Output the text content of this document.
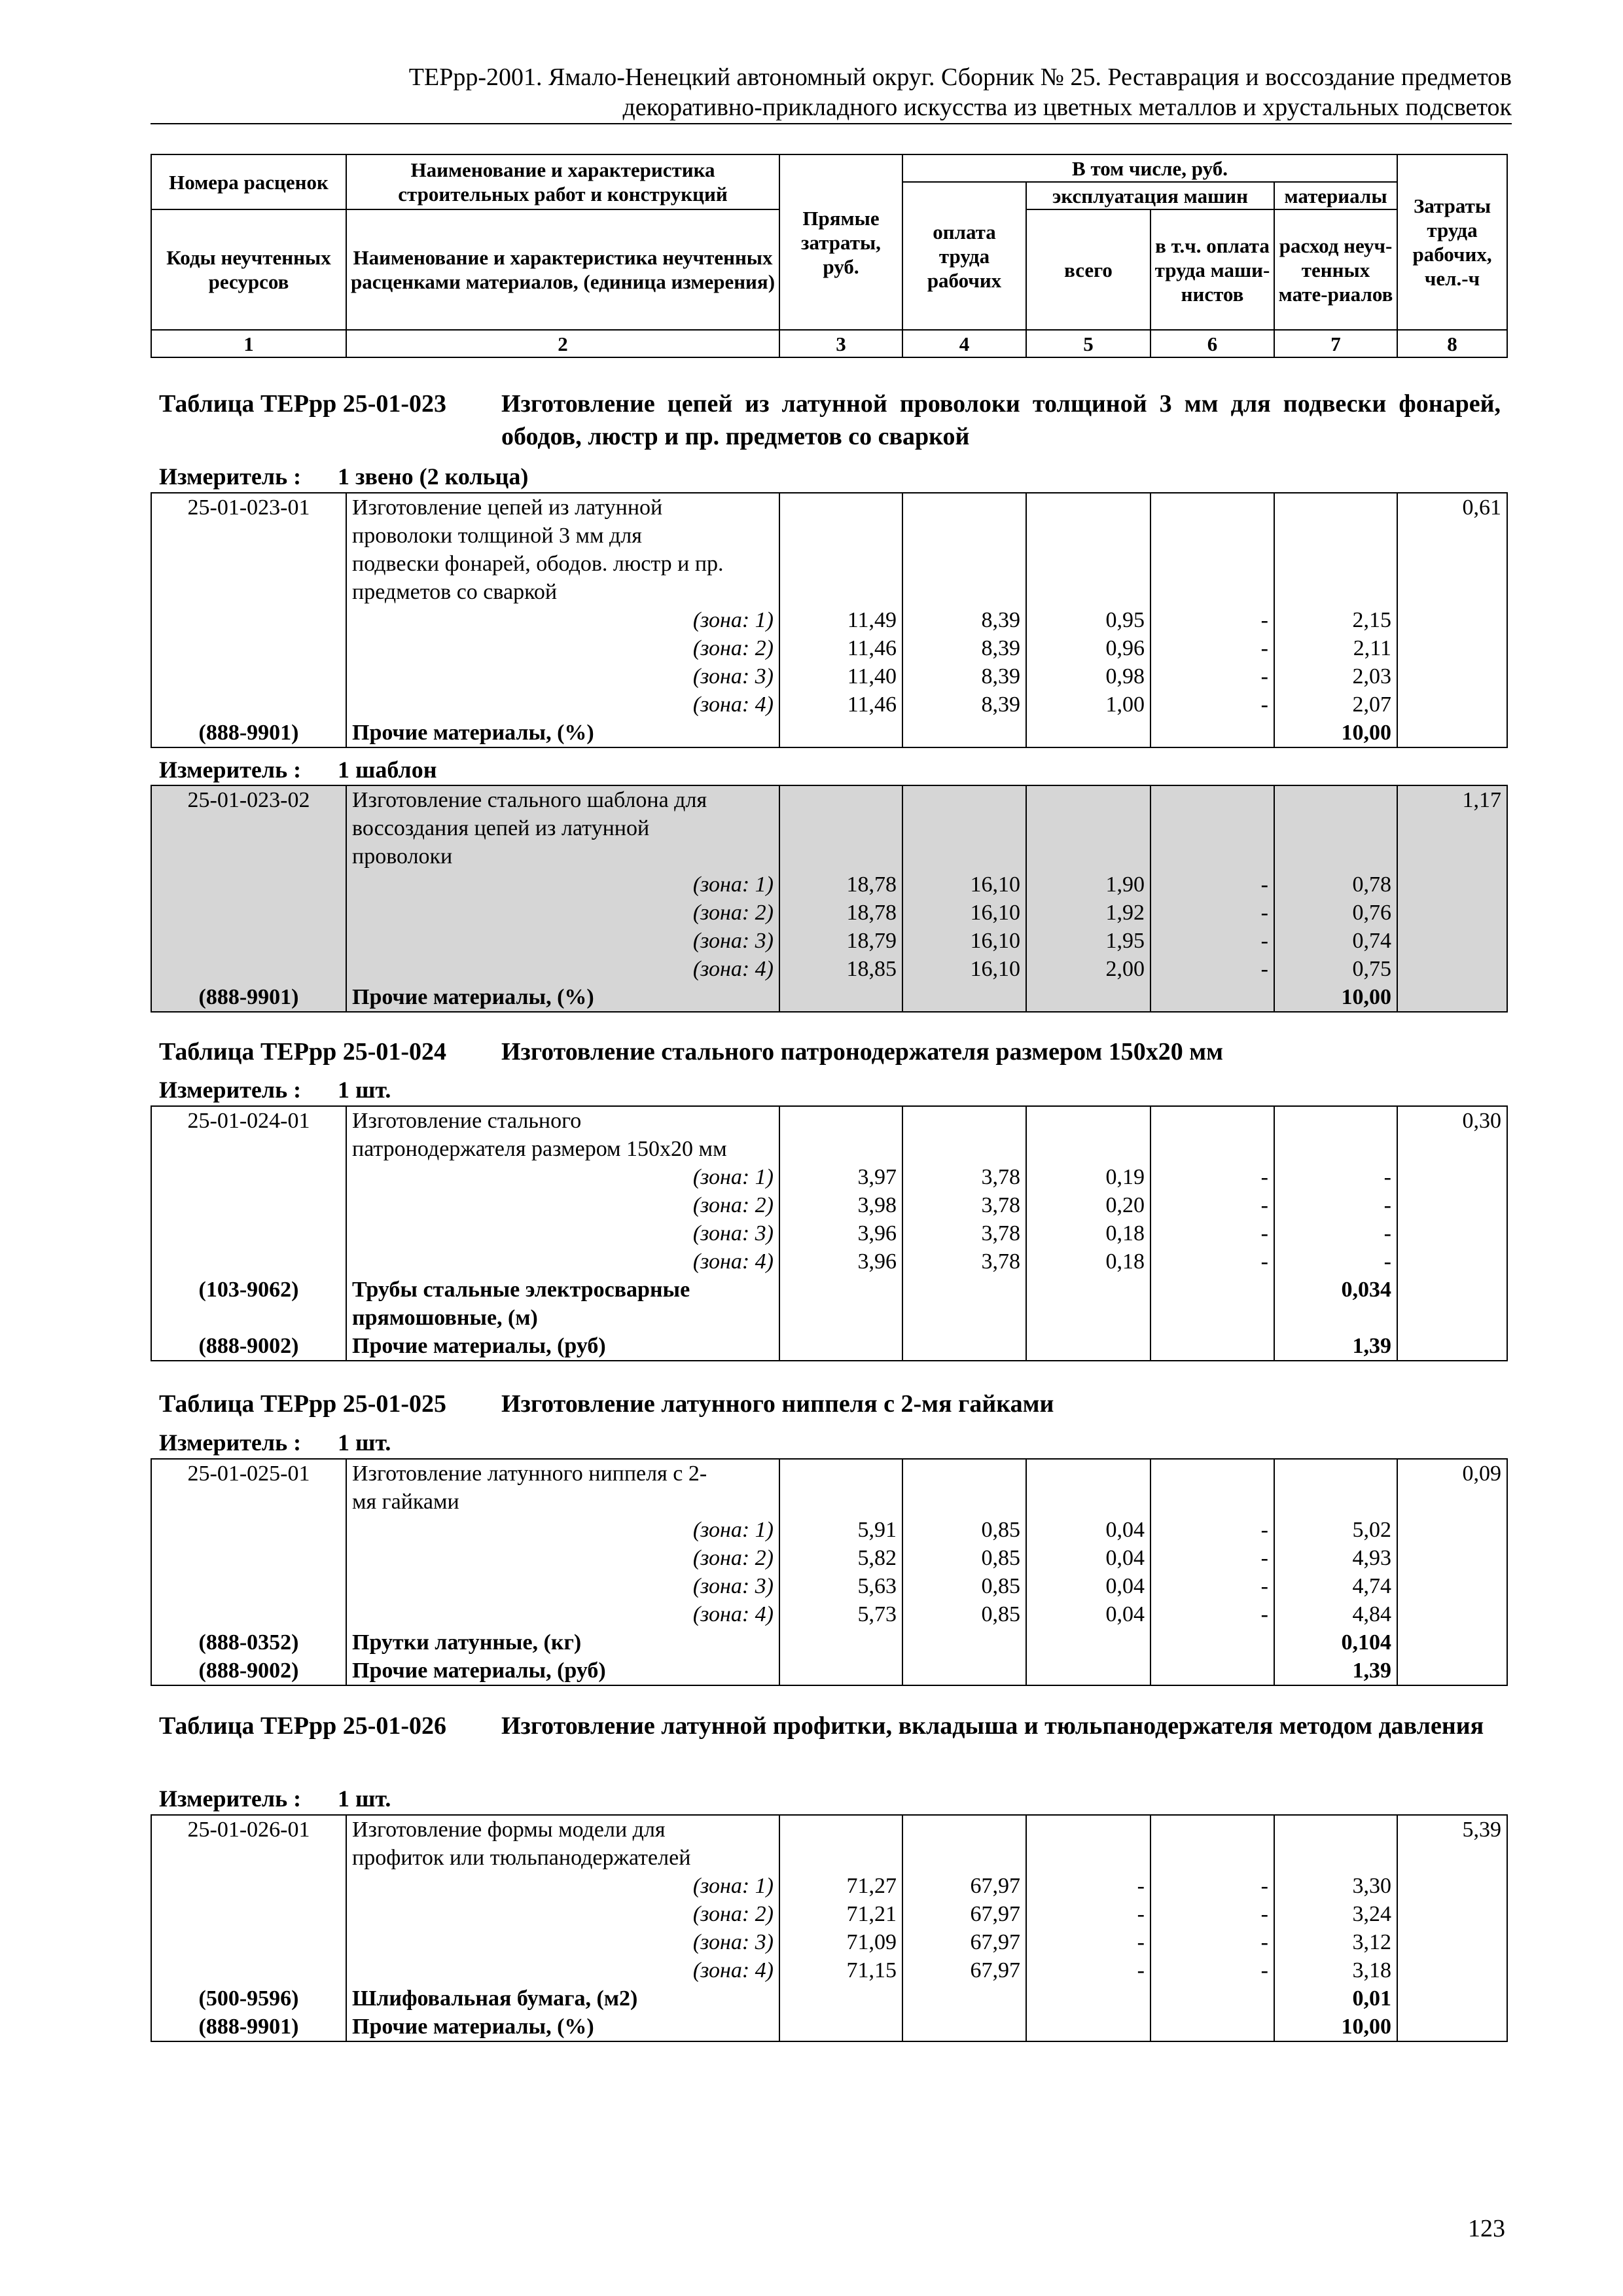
ТЕРрр-2001. Ямало-Ненецкий автономный округ. Сборник № 25. Реставрация и воссоздание предметов
декоративно-прикладного искусства из цветных металлов и хрустальных подсветок
Номера расценок	Наименование и характеристика строительных работ и конструкций	Прямые затраты, руб.	В том числе, руб.				Затраты труда рабочих, чел.-ч
			оплата труда рабочих	эксплуатация машин		материалы	
Коды неучтенных ресурсов	Наименование и характеристика неучтенных расценками материалов, (единица измерения)			всего	в т.ч. оплата труда маши-нистов	расход неуч-тенных мате-риалов	

1	2	3	4	5	6	7	8
Таблица ТЕРрр 25-01-023 Изготовление цепей из латунной проволоки толщиной 3 мм для подвески фонарей, ободов, люстр и пр. предметов со сваркой
Измеритель : 1 звено (2 кольца)
25-01-023-01	Изготовление цепей из латунной						0,61
	проволоки толщиной 3 мм для						
	подвески фонарей, ободов. люстр и пр.						
	предметов со сваркой						
	(зона: 1)	11,49	8,39	0,95	-	2,15	
	(зона: 2)	11,46	8,39	0,96	-	2,11	
	(зона: 3)	11,40	8,39	0,98	-	2,03	
	(зона: 4)	11,46	8,39	1,00	-	2,07	
(888-9901)	Прочие материалы, (%)					10,00	
Измеритель : 1 шаблон
25-01-023-02	Изготовление стального шаблона для						1,17
	воссоздания цепей из латунной						
	проволоки						
	(зона: 1)	18,78	16,10	1,90	-	0,78	
	(зона: 2)	18,78	16,10	1,92	-	0,76	
	(зона: 3)	18,79	16,10	1,95	-	0,74	
	(зона: 4)	18,85	16,10	2,00	-	0,75	
(888-9901)	Прочие материалы, (%)					10,00	
Таблица ТЕРрр 25-01-024 Изготовление стального патронодержателя размером 150х20 мм
Измеритель : 1 шт.
25-01-024-01	Изготовление стального						0,30
	патронодержателя размером 150х20 мм						
	(зона: 1)	3,97	3,78	0,19	-	-	
	(зона: 2)	3,98	3,78	0,20	-	-	
	(зона: 3)	3,96	3,78	0,18	-	-	
	(зона: 4)	3,96	3,78	0,18	-	-	
(103-9062)	Трубы стальные электросварные					0,034	
	прямошовные, (м)						
(888-9002)	Прочие материалы, (руб)					1,39	
Таблица ТЕРрр 25-01-025 Изготовление латунного ниппеля с 2-мя гайками
Измеритель : 1 шт.
25-01-025-01	Изготовление латунного ниппеля с 2-						0,09
	мя гайками						
	(зона: 1)	5,91	0,85	0,04	-	5,02	
	(зона: 2)	5,82	0,85	0,04	-	4,93	
	(зона: 3)	5,63	0,85	0,04	-	4,74	
	(зона: 4)	5,73	0,85	0,04	-	4,84	
(888-0352)	Прутки латунные, (кг)					0,104	
(888-9002)	Прочие материалы, (руб)					1,39	
Таблица ТЕРрр 25-01-026 Изготовление латунной профитки, вкладыша и тюльпанодержателя методом давления
Измеритель : 1 шт.
25-01-026-01	Изготовление формы модели для						5,39
	профиток или тюльпанодержателей						
	(зона: 1)	71,27	67,97	-	-	3,30	
	(зона: 2)	71,21	67,97	-	-	3,24	
	(зона: 3)	71,09	67,97	-	-	3,12	
	(зона: 4)	71,15	67,97	-	-	3,18	
(500-9596)	Шлифовальная бумага, (м2)					0,01	
(888-9901)	Прочие материалы, (%)					10,00	
123
